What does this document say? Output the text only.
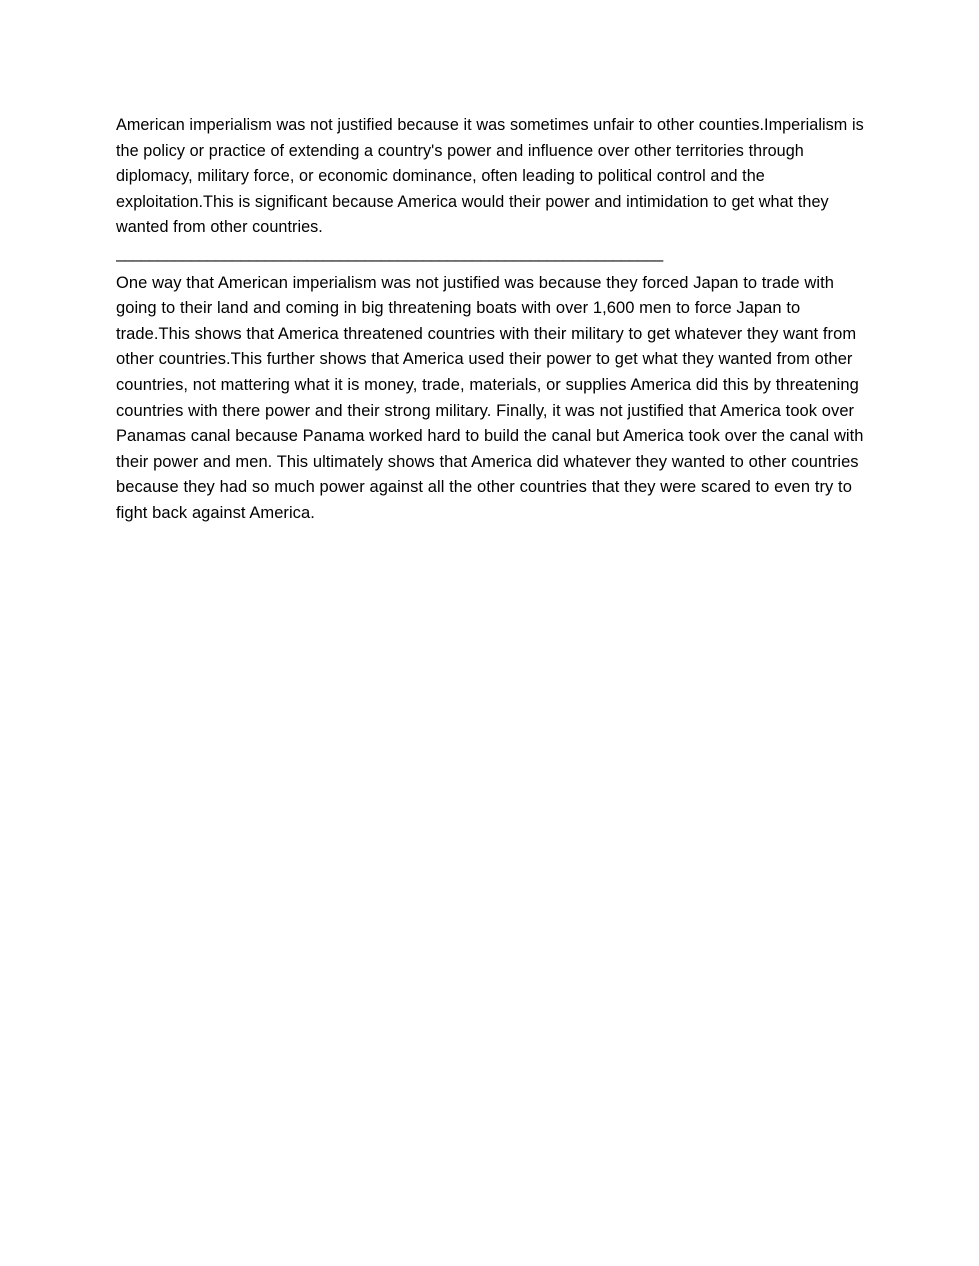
American imperialism was not justified because it was sometimes unfair to other counties.Imperialism is the policy or practice of extending a country's power and influence over other territories through diplomacy, military force, or economic dominance, often leading to political control and the exploitation.This is significant because America would their power and intimidation to get what they wanted from other countries.

__________________________________________________________________

One way that American imperialism was not justified was because they forced Japan to trade with going to their land and coming in big threatening boats with over 1,600 men to force Japan to trade.This shows that America threatened countries with their military to get whatever they want from other countries.This further shows that America used their power to get what they wanted from other countries, not mattering what it is money, trade, materials, or supplies America did this by threatening countries with there power and their strong military. Finally, it was not justified that America took over Panamas canal because Panama worked hard to build the canal but America took over the canal with their power and men. This ultimately shows that America did whatever they wanted to other countries because they had so much power against all the other countries that they were scared to even try to fight back against America.
